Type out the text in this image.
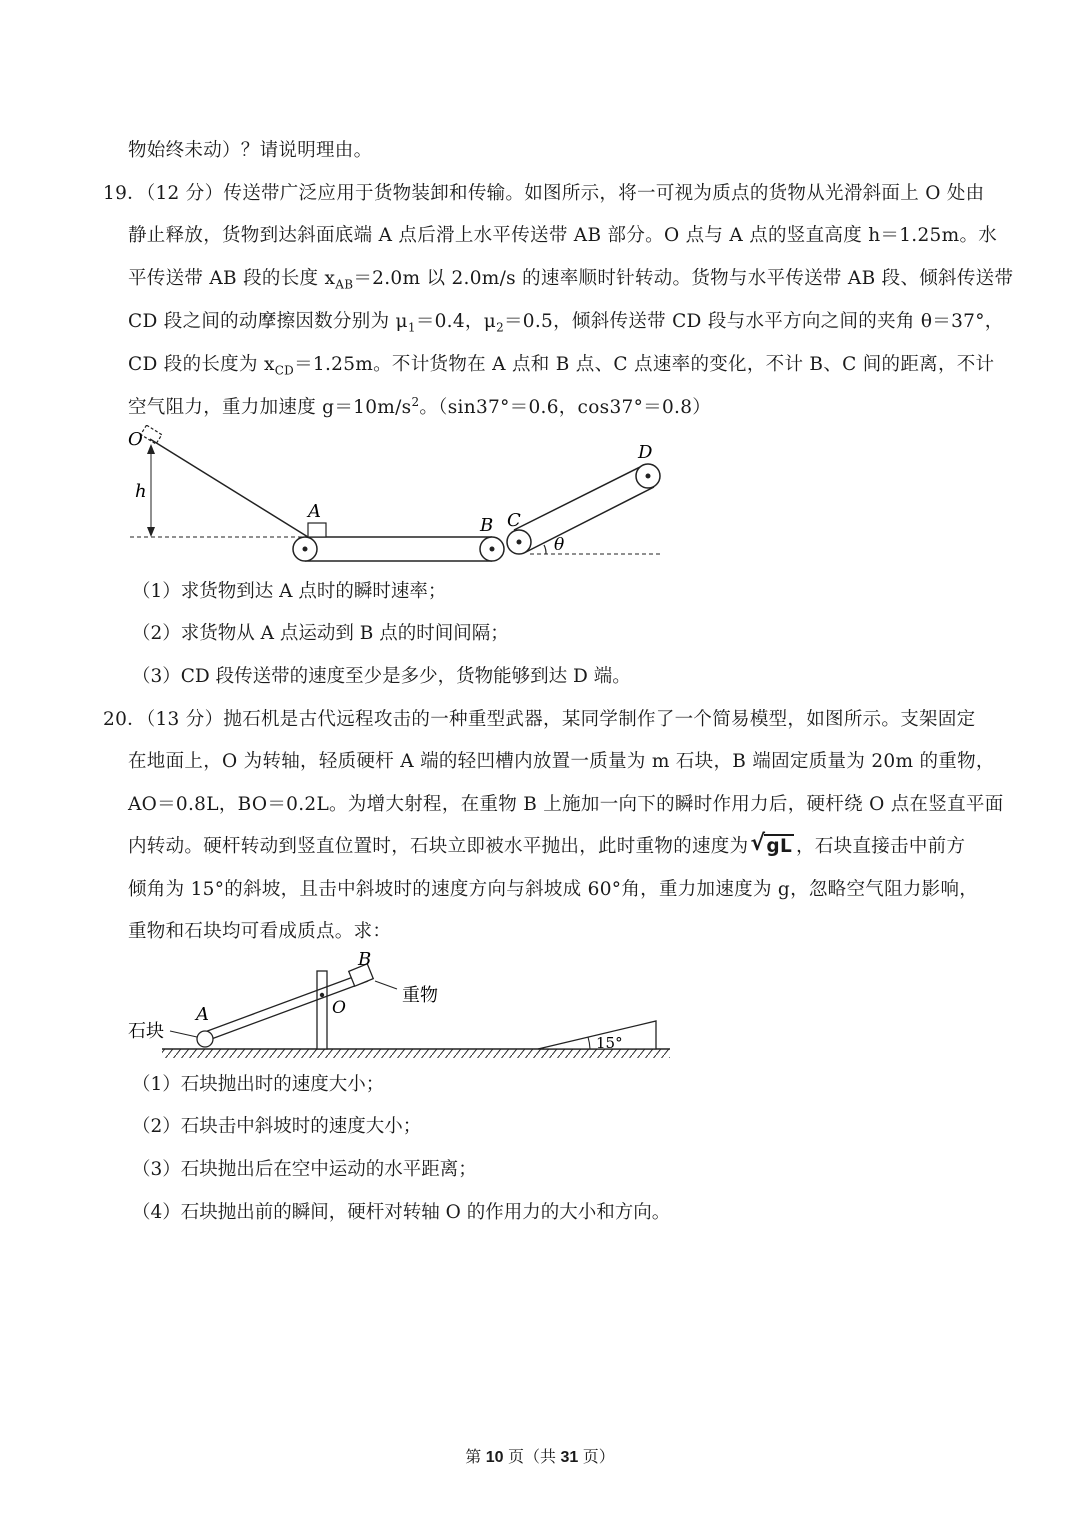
物始终未动）？请说明理由。
19．（12 分）传送带广泛应用于货物装卸和传输。如图所示，将一可视为质点的货物从光滑斜面上 O 处由
静止释放，货物到达斜面底端 A 点后滑上水平传送带 AB 部分。O 点与 A 点的竖直高度 h＝1.25m。水
平传送带 AB 段的长度 $x_{AB}=2.0m$ 以 2.0m/s 的速率顺时针转动。货物与水平传送带 AB 段、倾斜传送带
CD 段之间的动摩擦因数分别为 $\mu_1=0.4$，$\mu_2=0.5$，倾斜传送带 CD 段与水平方向之间的夹角 θ＝37°，
CD 段的长度为 $x_{CD}=1.25m$。不计货物在 A 点和 B 点、C 点速率的变化，不计 B、C 间的距离，不计
空气阻力，重力加速度 $g=10m/s^2$。（sin37°＝0.6，cos37°＝0.8）
O
h
A
B C
D
θ
（1）求货物到达 A 点时的瞬时速率；
（2）求货物从 A 点运动到 B 点的时间间隔；
（3）CD 段传送带的速度至少是多少，货物能够到达 D 端。
20．（13 分）抛石机是古代远程攻击的一种重型武器，某同学制作了一个简易模型，如图所示。支架固定
在地面上，O 为转轴，轻质硬杆 A 端的轻凹槽内放置一质量为 m 石块，B 端固定质量为 20m 的重物，
AO＝0.8L，BO＝0.2L。为增大射程，在重物 B 上施加一向下的瞬时作用力后，硬杆绕 O 点在竖直平面
内转动。硬杆转动到竖直位置时，石块立即被水平抛出，此时重物的速度为√ gL ，石块直接击中前方
倾角为 15°的斜坡，且击中斜坡时的速度方向与斜坡成 60°角，重力加速度为 g，忽略空气阻力影响，
重物和石块均可看成质点。求：
B
重物
O
A
石块
15°
（1）石块抛出时的速度大小；
（2）石块击中斜坡时的速度大小；
（3）石块抛出后在空中运动的水平距离；
（4）石块抛出前的瞬间，硬杆对转轴 O 的作用力的大小和方向。
第 10 页（共 31 页）
